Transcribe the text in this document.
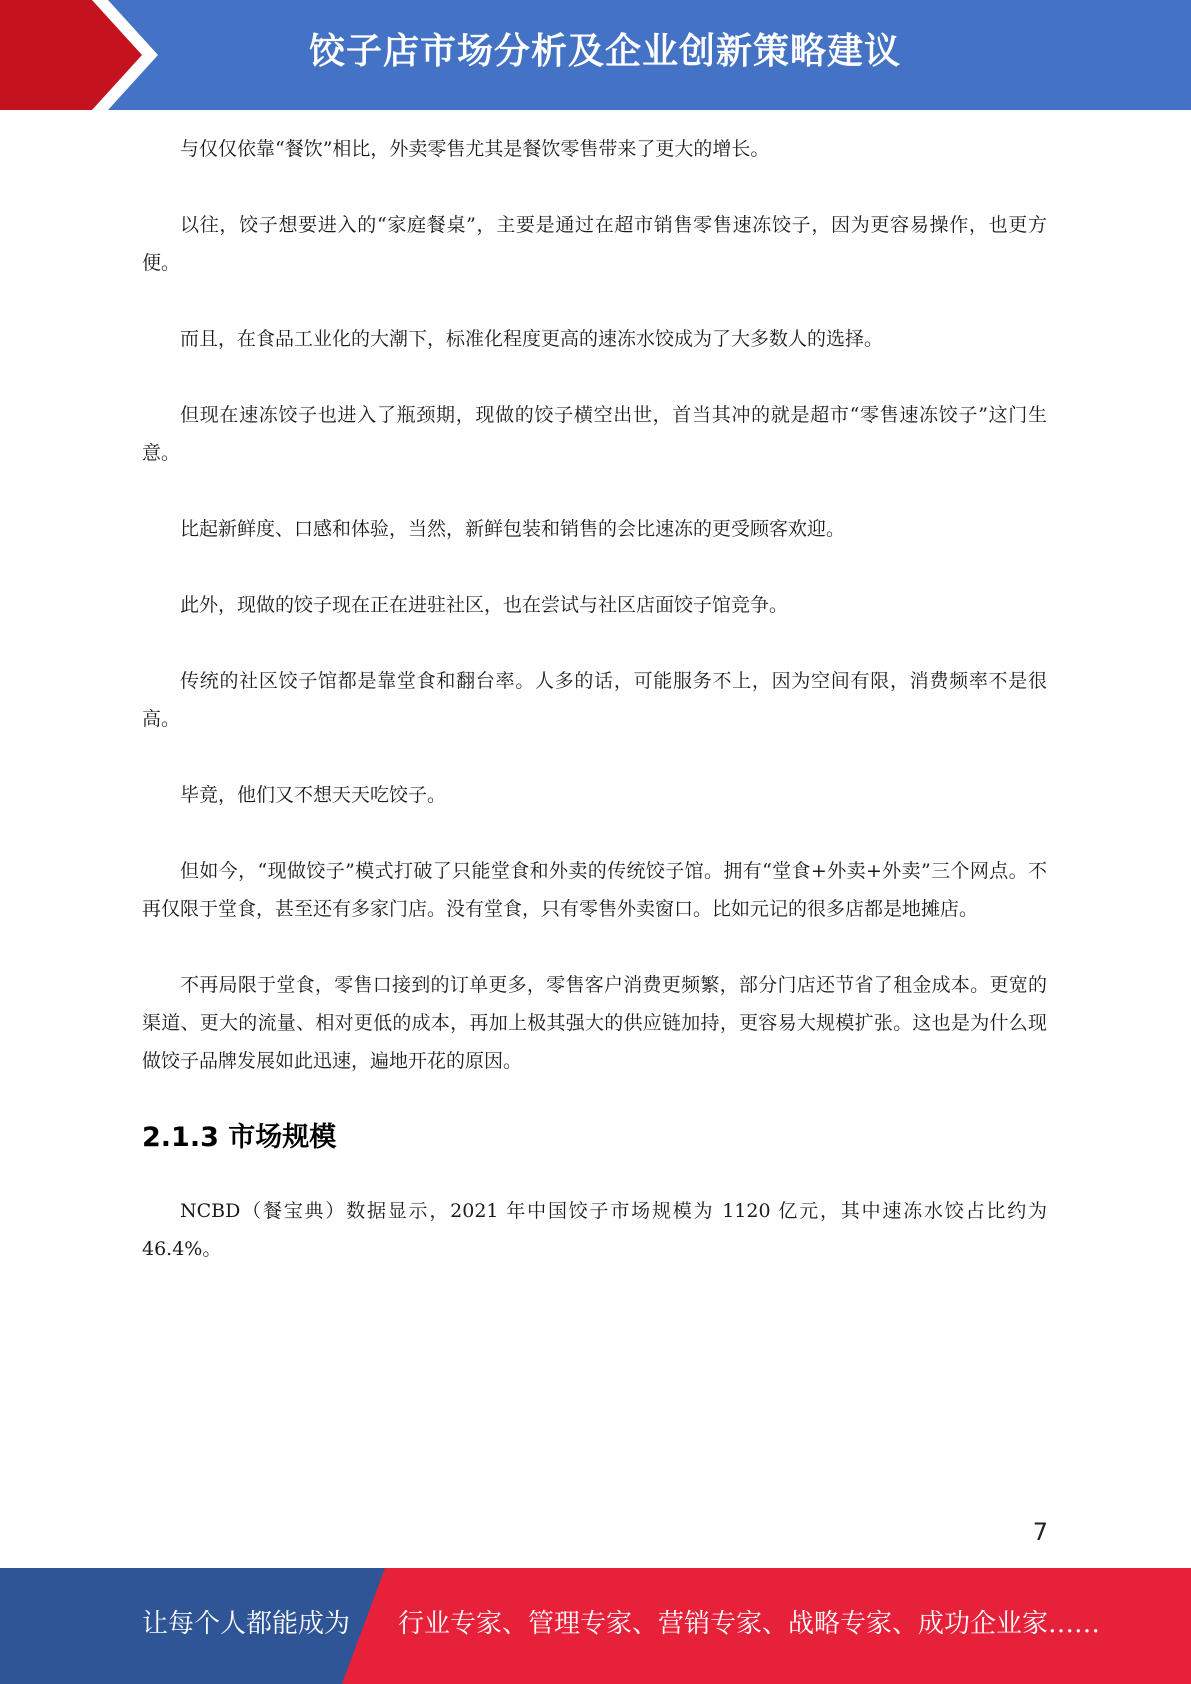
饺子店市场分析及企业创新策略建议

与仅仅依靠“餐饮”相比，外卖零售尤其是餐饮零售带来了更大的增长。

以往，饺子想要进入的“家庭餐桌”，主要是通过在超市销售零售速冻饺子，因为更容易操作，也更方便。

而且，在食品工业化的大潮下，标准化程度更高的速冻水饺成为了大多数人的选择。

但现在速冻饺子也进入了瓶颈期，现做的饺子横空出世，首当其冲的就是超市“零售速冻饺子”这门生意。

比起新鲜度、口感和体验，当然，新鲜包装和销售的会比速冻的更受顾客欢迎。

此外，现做的饺子现在正在进驻社区，也在尝试与社区店面饺子馆竞争。

传统的社区饺子馆都是靠堂食和翻台率。人多的话，可能服务不上，因为空间有限，消费频率不是很高。

毕竟，他们又不想天天吃饺子。

但如今，“现做饺子”模式打破了只能堂食和外卖的传统饺子馆。拥有“堂食+外卖+外卖”三个网点。不再仅限于堂食，甚至还有多家门店。没有堂食，只有零售外卖窗口。比如元记的很多店都是地摊店。

不再局限于堂食，零售口接到的订单更多，零售客户消费更频繁，部分门店还节省了租金成本。更宽的渠道、更大的流量、相对更低的成本，再加上极其强大的供应链加持，更容易大规模扩张。这也是为什么现做饺子品牌发展如此迅速，遍地开花的原因。

2.1.3 市场规模

NCBD（餐宝典）数据显示，2021 年中国饺子市场规模为 1120 亿元，其中速冻水饺占比约为 46.4%。

7
让每个人都能成为 行业专家、管理专家、营销专家、战略专家、成功企业家……
